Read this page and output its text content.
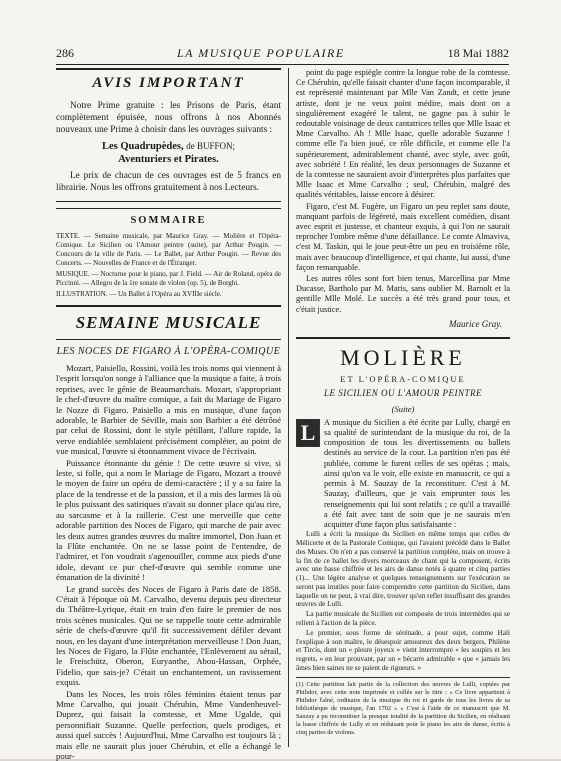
286	LA MUSIQUE POPULAIRE	18 Mai 1882
AVIS IMPORTANT

Notre Prime gratuite : les Prisons de Paris, étant complètement épuisée, nous offrons à nos Abonnés nouveaux une Prime à choisir dans les ouvrages suivants :

Les Quadrupèdes, de BUFFON;
Aventuriers et Pirates.

Le prix de chacun de ces ouvrages est de 5 francs en librairie. Nous les offrons gratuitement à nos Lecteurs.

SOMMAIRE

TEXTE. — Semaine musicale, par Maurice Gray. — Molière et l'Opéra-Comique. Le Sicilien ou l'Amour peintre (suite), par Arthur Pougin. — Concours de la ville de Paris. — Le Ballet, par Arthur Pougin. — Revue des Concerts. — Nouvelles de France et de l'Étranger.

MUSIQUE. — Nocturne pour le piano, par J. Field. — Air de Roland, opéra de Piccinni. — Allegro de la 1re sonate de violon (op. 5), de Borghi.

ILLUSTRATION. — Un Ballet à l'Opéra au XVIIIe siècle.

SEMAINE MUSICALE
LES NOCES DE FIGARO À L'OPÉRA-COMIQUE

Mozart, Paisiello, Rossini, voilà les trois noms qui viennent à l'esprit lorsqu'on songe à l'alliance que la musique a faite, à trois reprises, avec le génie de Beaumarchais. Mozart, s'appropriant le chef-d'œuvre du maître comique, a fait du Mariage de Figaro le Nozze di Figaro. Paisiello a mis en musique, d'une façon adorable, le Barbier de Séville, mais son Barbier a été détrôné par celui de Rossini, dont le style pétillant, l'allure rapide, la verve endiablée semblaient précisément compléter, au point de vue musical, l'œuvre si étonnamment vivace de l'écrivain.

Puissance étonnante du génie ! De cette œuvre si vive, si leste, si folle, qui a nom le Mariage de Figaro, Mozart a trouvé le moyen de faire un opéra de demi-caractère ; il y a su faire la place de la tendresse et de la passion, et il a mis des larmes là où le plus puissant des satiriques n'avait su donner place qu'au rire, au sarcasme et à la raillerie. C'est une merveille que cette adorable partition des Noces de Figaro, qui marche de pair avec les deux autres grandes œuvres du maître immortel, Don Juan et la Flûte enchantée. On ne se lasse point de l'entendre, de l'admirer, et l'on voudrait s'agenouiller, comme aux pieds d'une idole, devant ce pur chef-d'œuvre qui semble comme une émanation de la divinité !

Le grand succès des Noces de Figaro à Paris date de 1858. C'était à l'époque où M. Carvalho, devenu depuis peu directeur du Théâtre-Lyrique, était en train d'en faire le premier de nos trois scènes musicales. Qui ne se rappelle toute cette admirable série de chefs-d'œuvre qu'il fit successivement défiler devant nous, en les dayant d'une interprétation merveilleuse ! Don Juan, les Noces de Figaro, la Flûte enchantée, l'Enlèvement au sérail, le Freischütz, Oberon, Euryanthe, Abou-Hassan, Orphée, Fidelio, que sais-je? C'était un enchantement, un ravissement exquis.

Dans les Noces, les trois rôles féminins étaient tenus par Mme Carvalho, qui jouait Chérubin, Mme Vandenheuvel-Duprez, qui faisait la comtesse, et Mme Ugalde, qui personnifiait Suzanne. Quelle perfection, quels prodiges, et aussi quel succès ! Aujourd'hui, Mme Carvalho est toujours là ; mais elle ne saurait plus jouer Chérubin, et elle a échangé le pour-

point du page espiègle contre la longue robe de la comtesse. Ce Chérubin, qu'elle faisait chanter d'une façon incomparable, il est représenté maintenant par Mlle Van Zandt, et cette jeune artiste, dont je ne veux point médire, mais dont on a singulièrement exagéré le talent, ne gagne pas à subir le redoutable voisinage de deux cantatrices telles que Mlle Isaac et Mme Carvalho. Ah ! Mlle Isaac, quelle adorable Suzanne ! comme elle l'a bien joué, ce rôle difficile, et comme elle l'a supérieurement, admirablement chanté, avec style, avec goût, avec sobriété ! En réalité, les deux personnages de Suzanne et de la comtesse ne sauraient avoir d'interprètes plus parfaites que Mlle Isaac et Mme Carvalho ; seul, Chérubin, malgré des qualités véritables, laisse encore à désirer.

Figaro, c'est M. Fugère, un Figaro un peu replet sans doute, manquant parfois de légèreté, mais excellent comédien, disant avec esprit et justesse, et chanteur exquis, à qui l'on ne saurait reprocher l'ombre même d'une défaillance. Le comte Almaviva, c'est M. Taskin, qui le joue peut-être un peu en troisième rôle, mais avec beaucoup d'intelligence, et qui chante, lui aussi, d'une façon remarquable.

Les autres rôles sont fort bien tenus, Marcellina par Mme Ducasse, Bartholo par M. Maris, sans oublier M. Barnolt et la gentille Mlle Molé. Le succès a été très grand pour tous, et c'était justice.

Maurice Gray.
MOLIÈRE
ET L'OPÉRA-COMIQUE
LE SICILIEN OU L'AMOUR PEINTRE
(Suite)
L	A musique du Sicilien a été écrite par Lully, chargé en sa qualité de surintendant de la musique du roi, de la composition de tous les divertissements ou ballets destinés au service de la cour. La partition n'en pas été publiée, comme le furent celles de ses opéras ; mais, ainsi qu'on va le voir, elle existe en manuscrit, ce qui a permis à M. Sauzay de la reconstituer. C'est à M. Sauzay, d'ailleurs, que je vais emprunter tous les renseignements qui lui sont relatifs ; ce qu'il a travaillé a été fait avec tant de soin que je ne saurais m'en acquitter d'une façon plus satisfaisante :

Lulli a écrit la musique du Sicilien en même temps que celles de Mélicerte et de la Pastorale Comique, qui l'avaient précédé dans le Ballet des Muses. On n'en a pas conservé la partition complète, mais on trouve à la fin de ce ballet les divers morceaux de chant qui la composent, écrits avec une basse chiffrée et les airs de danse notés à quatre et cinq parties (1)... Une légère analyse et quelques renseignements sur l'exécution ne seront pas inutiles pour faire comprendre cette partition du Sicilien, dans laquelle on ne peut, à vrai dire, trouver qu'un reflet insuffisant des grandes œuvres de Lulli.

La partie musicale du Sicilien est composée de trois intermèdes qui se relient à l'action de la pièce.

Le premier, sous forme de sérénade, a pour sujet, comme Hali l'explique à son maître, le désespoir amoureux des deux bergers, Philène et Tircis, dont un « pleure joyeux » vient interrompre « les soupirs et les regrets, » en leur prouvant, par un « bécarre admirable » que « jamais les âmes bien saines ne se paient de rigueurs. »

(1) Cette partition fait partie de la collection des œuvres de Lulli, copiées par Philidor, avec cette note imprimée et collée sur le titre : « Ce livre appartient à Philidor l'aîné, ordinaire de la musique du roi et garde de tous les livres de sa bibliothèque de musique, l'an 1702 » « C'est à l'aide de ce manuscrit que M. Sauzay a pu reconstituer la presque totalité de la partition du Sicilien, en réalisant la basse chiffrée de Lully et en réduisant pour le piano les airs de danse, écrits à cinq parties de violons.
